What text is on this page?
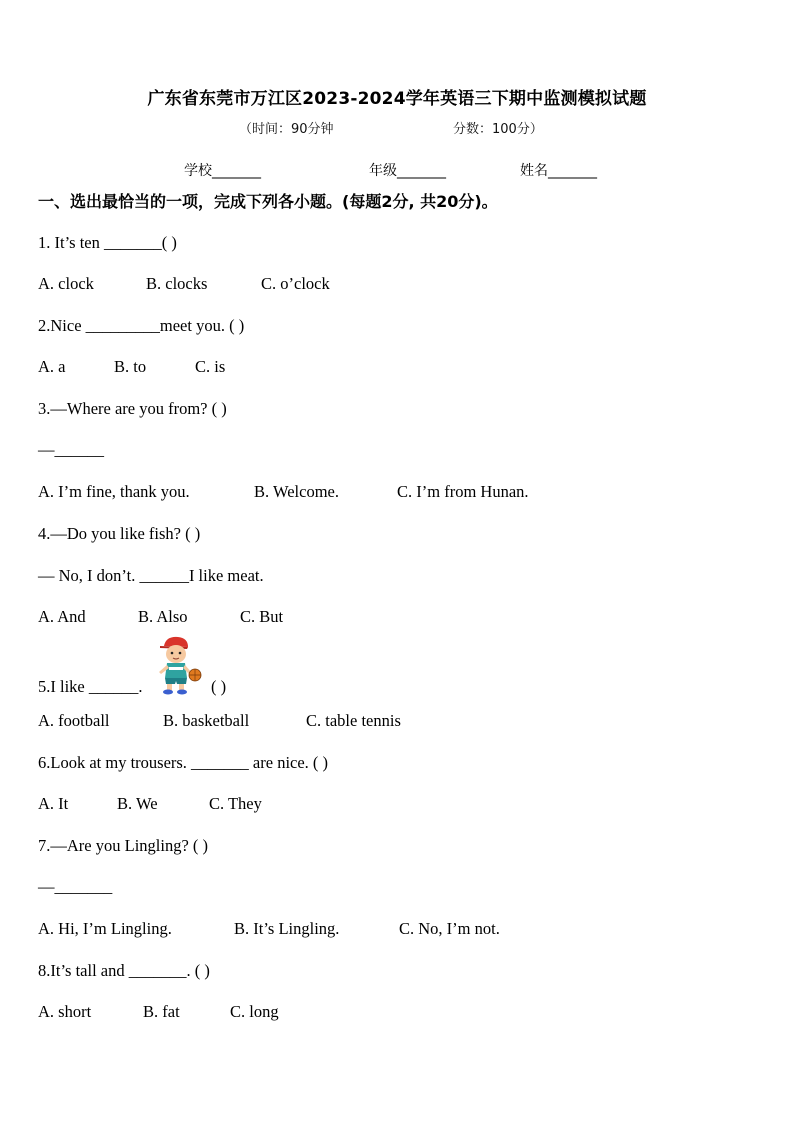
广东省东莞市万江区2023-2024学年英语三下期中监测模拟试题
（时间：90分钟	分数：100分）
学校_______	年级_______	姓名_______
一、选出最恰当的一项，完成下列各小题。(每题2分, 共20分)。
1. It’s ten _______( )
A. clock	B. clocks	C. o’clock
2.Nice _________meet you. ( )
A. a	B. to	C. is
3.—Where are you from? ( )
—______
A. I’m fine, thank you.	B. Welcome.	C. I’m from Hunan.
4.—Do you like fish? ( )
— No, I don’t. ______I like meat.
A. And	B. Also	C. But
5.I like ______.	( )
A. football	B. basketball	C. table tennis
6.Look at my trousers. _______ are nice. ( )
A. It	B. We	C. They
7.—Are you Lingling? ( )
—_______
A. Hi, I’m Lingling.	B. It’s Lingling.	C. No, I’m not.
8.It’s tall and _______. ( )
A. short	B. fat	C. long
